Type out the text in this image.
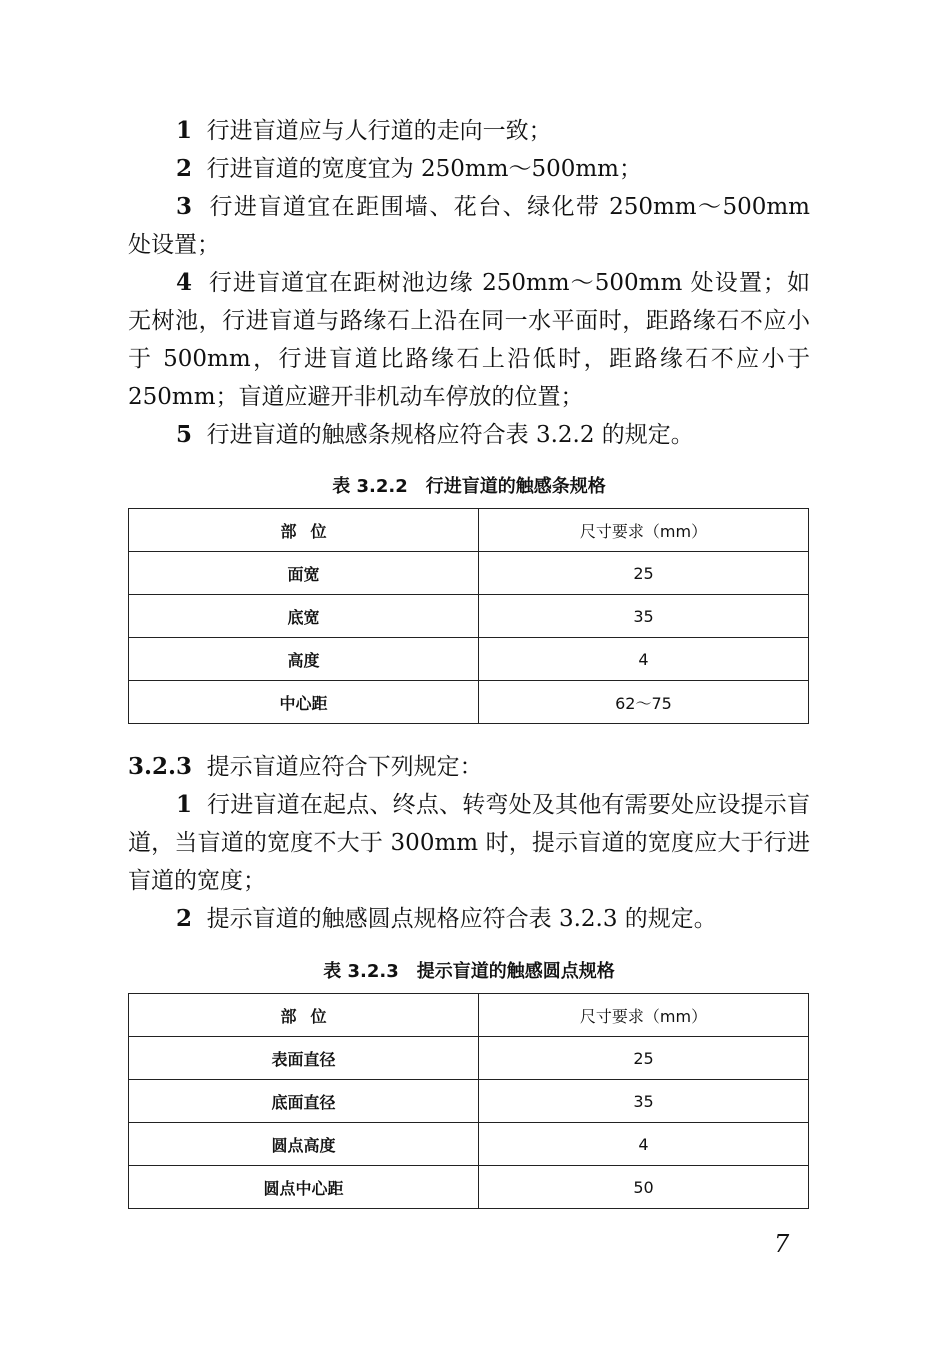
1 行进盲道应与人行道的走向一致；

2 行进盲道的宽度宜为 250mm～500mm；

3 行进盲道宜在距围墙、花台、绿化带 250mm～500mm 处设置；

4 行进盲道宜在距树池边缘 250mm～500mm 处设置；如无树池，行进盲道与路缘石上沿在同一水平面时，距路缘石不应小于 500mm，行进盲道比路缘石上沿低时，距路缘石不应小于 250mm；盲道应避开非机动车停放的位置；

5 行进盲道的触感条规格应符合表 3.2.2 的规定。

表 3.2.2　行进盲道的触感条规格

部位	尺寸要求（mm）
面宽	25
底宽	35
高度	4
中心距	62～75

3.2.3 提示盲道应符合下列规定：

1 行进盲道在起点、终点、转弯处及其他有需要处应设提示盲道，当盲道的宽度不大于 300mm 时，提示盲道的宽度应大于行进盲道的宽度；

2 提示盲道的触感圆点规格应符合表 3.2.3 的规定。

表 3.2.3　提示盲道的触感圆点规格

部位	尺寸要求（mm）
表面直径	25
底面直径	35
圆点高度	4
圆点中心距	50
7
